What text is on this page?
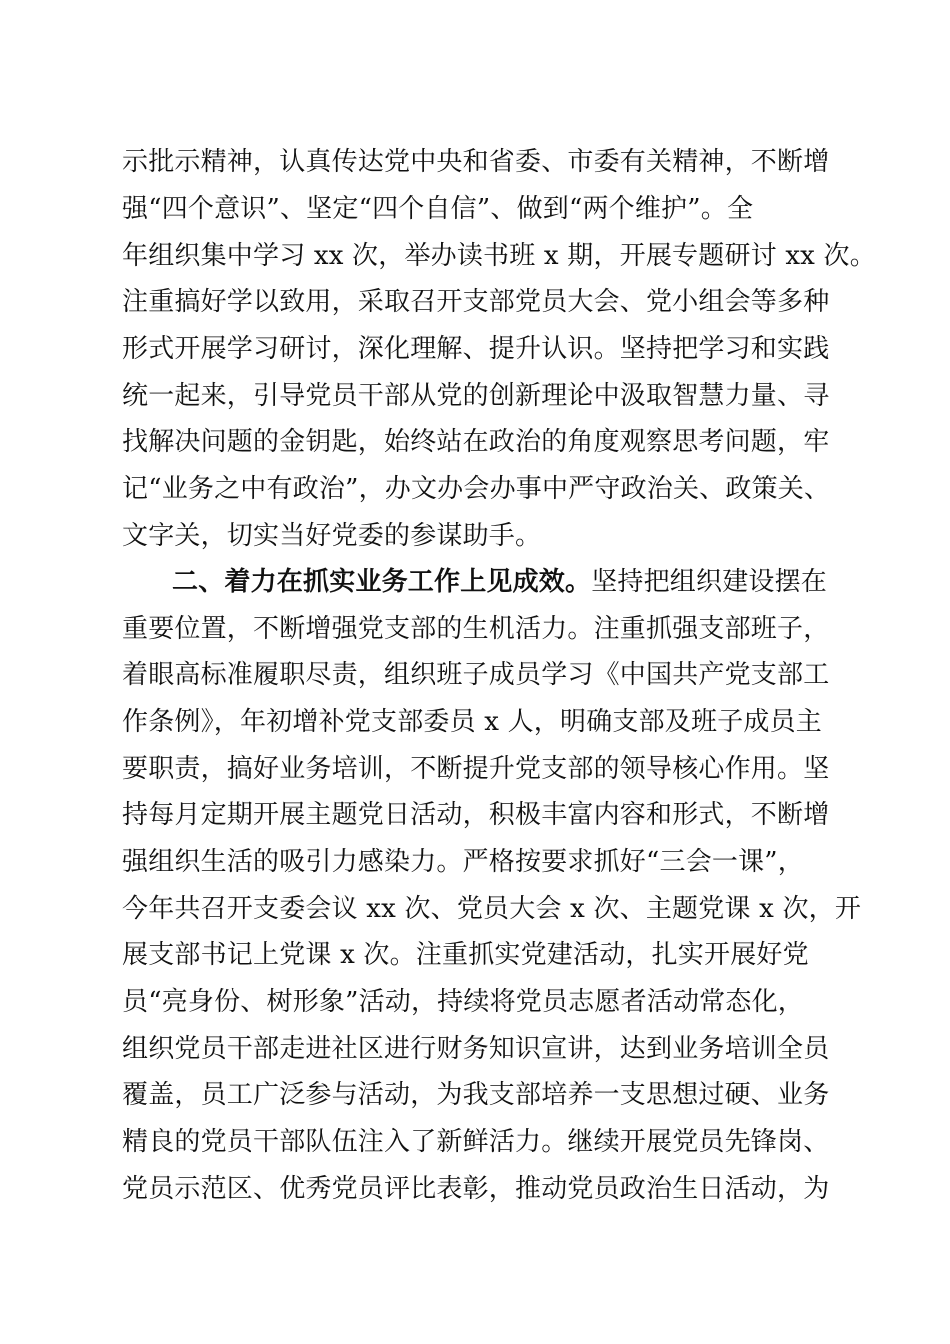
示批示精神，认真传达党中央和省委、市委有关精神，不断增
强“四个意识”、坚定“四个自信”、做到“两个维护”。全
年组织集中学习 xx 次，举办读书班 x 期，开展专题研讨 xx 次。
注重搞好学以致用，采取召开支部党员大会、党小组会等多种
形式开展学习研讨，深化理解、提升认识。坚持把学习和实践
统一起来，引导党员干部从党的创新理论中汲取智慧力量、寻
找解决问题的金钥匙，始终站在政治的角度观察思考问题，牢
记“业务之中有政治”，办文办会办事中严守政治关、政策关、
文字关，切实当好党委的参谋助手。
二、着力在抓实业务工作上见成效。坚持把组织建设摆在
重要位置，不断增强党支部的生机活力。注重抓强支部班子，
着眼高标准履职尽责，组织班子成员学习《中国共产党支部工
作条例》，年初增补党支部委员 x 人，明确支部及班子成员主
要职责，搞好业务培训，不断提升党支部的领导核心作用。坚
持每月定期开展主题党日活动，积极丰富内容和形式，不断增
强组织生活的吸引力感染力。严格按要求抓好“三会一课”，
今年共召开支委会议 xx 次、党员大会 x 次、主题党课 x 次，开
展支部书记上党课 x 次。注重抓实党建活动，扎实开展好党
员“亮身份、树形象”活动，持续将党员志愿者活动常态化，
组织党员干部走进社区进行财务知识宣讲，达到业务培训全员
覆盖，员工广泛参与活动，为我支部培养一支思想过硬、业务
精良的党员干部队伍注入了新鲜活力。继续开展党员先锋岗、
党员示范区、优秀党员评比表彰，推动党员政治生日活动，为
